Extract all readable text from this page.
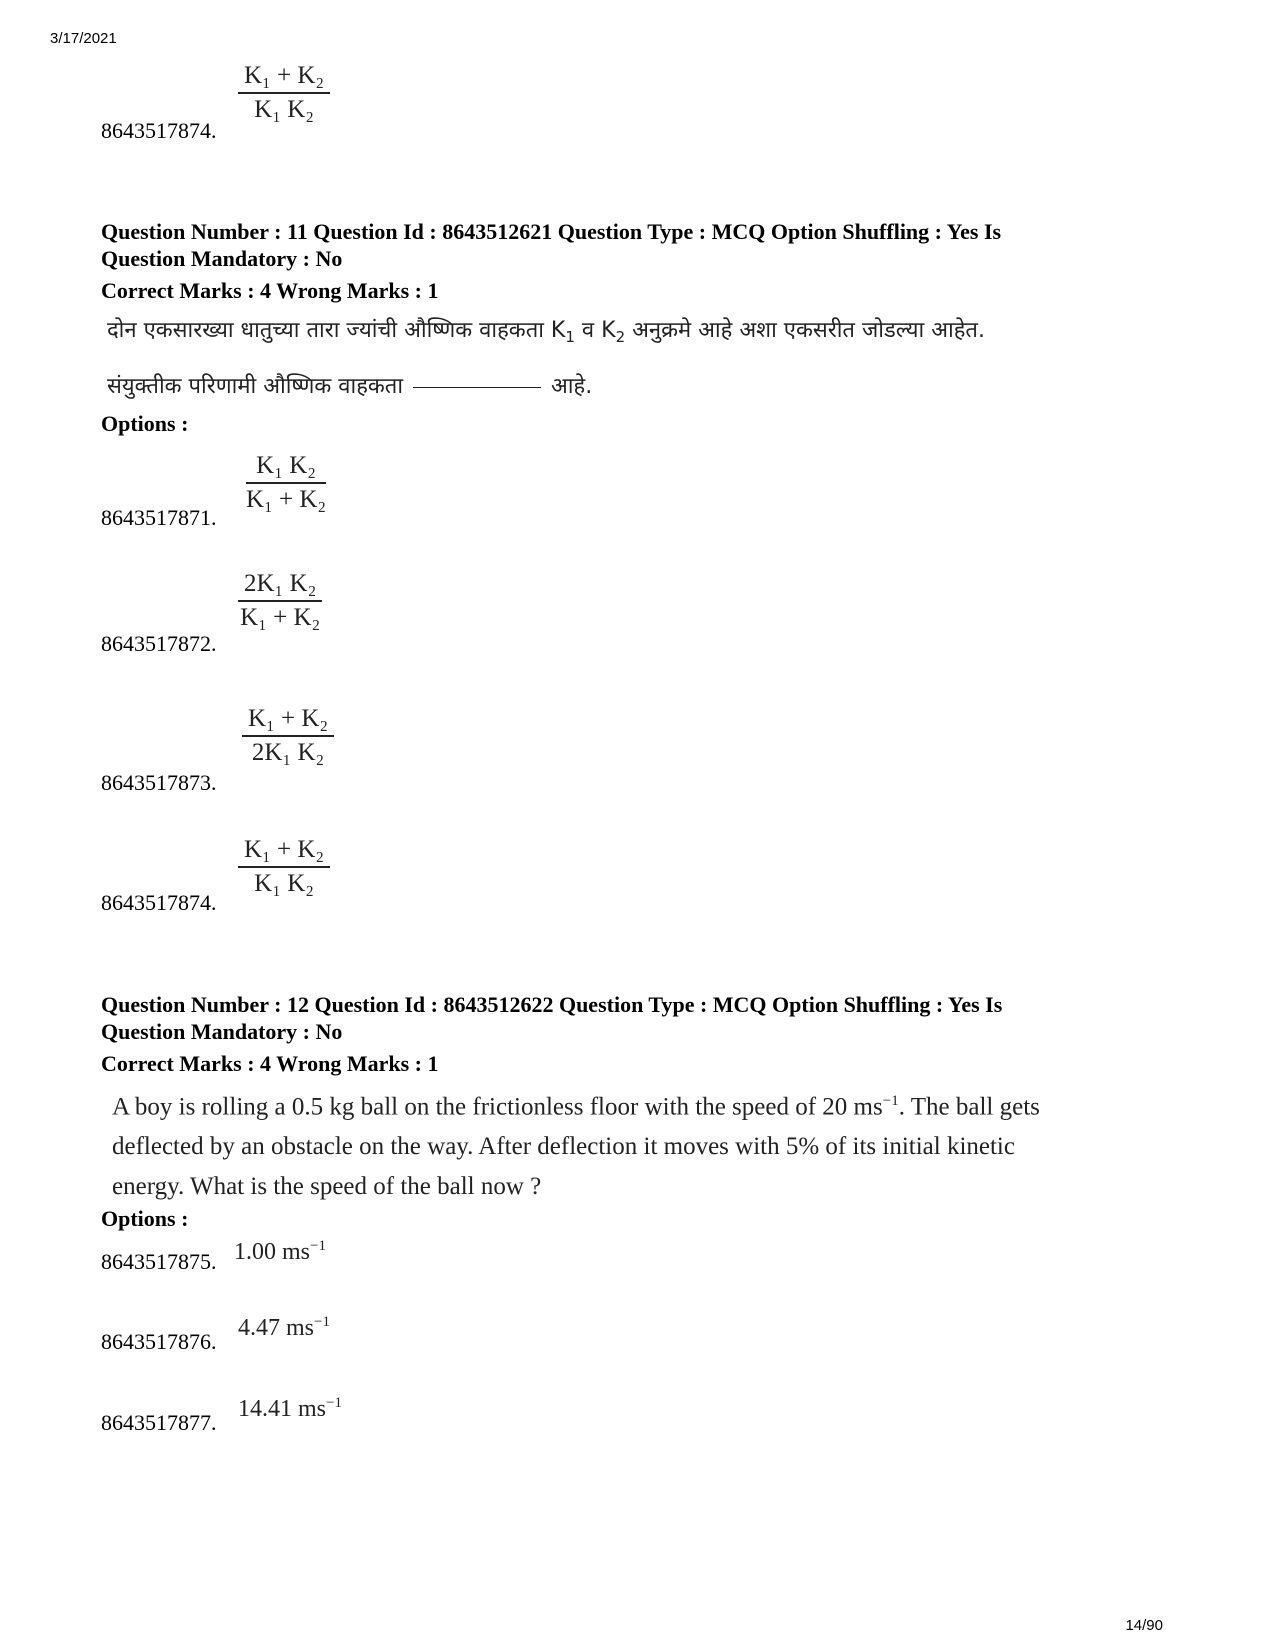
3/17/2021
$\frac{\text{K₁ + K₂}}{\text{K₁ K₂}}$
8643517874.
Question Number : 11 Question Id : 8643512621 Question Type : MCQ Option Shuffling : Yes Is
Question Mandatory : No
Correct Marks : 4 Wrong Marks : 1
दोन एकसारख्या धातुच्या तारा ज्यांची औष्णिक वाहकता $K_1$ व $K_2$ अनुक्रमे आहे अशा एकसरीत जोडल्या आहेत.
संयुक्तीक परिणामी औष्णिक वाहकता	आहे.
Options :
$\frac{\text{K₁ K₂}}{\text{K₁ + K₂}}$
8643517871.
$\frac{\text{2K₁ K₂}}{\text{K₁ + K₂}}$
8643517872.
$\frac{\text{K₁ + K₂}}{\text{2K₁ K₂}}$
8643517873.
$\frac{\text{K₁ + K₂}}{\text{K₁ K₂}}$
8643517874.
Question Number : 12 Question Id : 8643512622 Question Type : MCQ Option Shuffling : Yes Is
Question Mandatory : No
Correct Marks : 4 Wrong Marks : 1
A boy is rolling a 0.5 kg ball on the frictionless floor with the speed of 20 $ms^{-1}$. The ball gets
deflected by an obstacle on the way. After deflection it moves with 5% of its initial kinetic
energy. What is the speed of the ball now ?
Options :
8643517875. 1.00 $ms^{-1}$
8643517876.
4.47 $ms^{-1}$
8643517877.
14.41 $ms^{-1}$
14/90
